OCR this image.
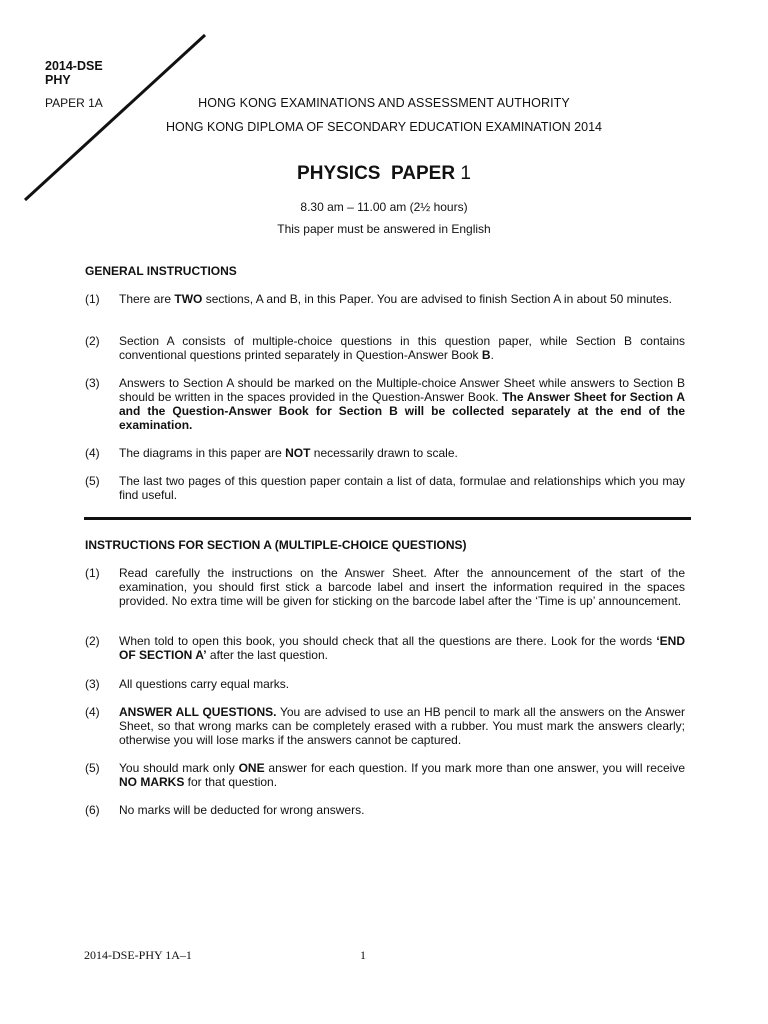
2014-DSE
PHY
PAPER 1A	HONG KONG EXAMINATIONS AND ASSESSMENT AUTHORITY
HONG KONG DIPLOMA OF SECONDARY EDUCATION EXAMINATION 2014
PHYSICS  PAPER 1
8.30 am – 11.00 am (2½ hours)
This paper must be answered in English
GENERAL INSTRUCTIONS
(1)	There are TWO sections, A and B, in this Paper. You are advised to finish Section A in about 50 minutes.
(2)	Section A consists of multiple-choice questions in this question paper, while Section B contains conventional questions printed separately in Question-Answer Book B.
(3)	Answers to Section A should be marked on the Multiple-choice Answer Sheet while answers to Section B should be written in the spaces provided in the Question-Answer Book. The Answer Sheet for Section A and the Question-Answer Book for Section B will be collected separately at the end of the examination.
(4)	The diagrams in this paper are NOT necessarily drawn to scale.
(5)	The last two pages of this question paper contain a list of data, formulae and relationships which you may find useful.
INSTRUCTIONS FOR SECTION A (MULTIPLE-CHOICE QUESTIONS)
(1)	Read carefully the instructions on the Answer Sheet. After the announcement of the start of the examination, you should first stick a barcode label and insert the information required in the spaces provided. No extra time will be given for sticking on the barcode label after the ‘Time is up’ announcement.
(2)	When told to open this book, you should check that all the questions are there. Look for the words ‘END OF SECTION A’ after the last question.
(3)	All questions carry equal marks.
(4)	ANSWER ALL QUESTIONS. You are advised to use an HB pencil to mark all the answers on the Answer Sheet, so that wrong marks can be completely erased with a rubber. You must mark the answers clearly; otherwise you will lose marks if the answers cannot be captured.
(5)	You should mark only ONE answer for each question. If you mark more than one answer, you will receive NO MARKS for that question.
(6)	No marks will be deducted for wrong answers.
2014-DSE-PHY 1A–1	1
